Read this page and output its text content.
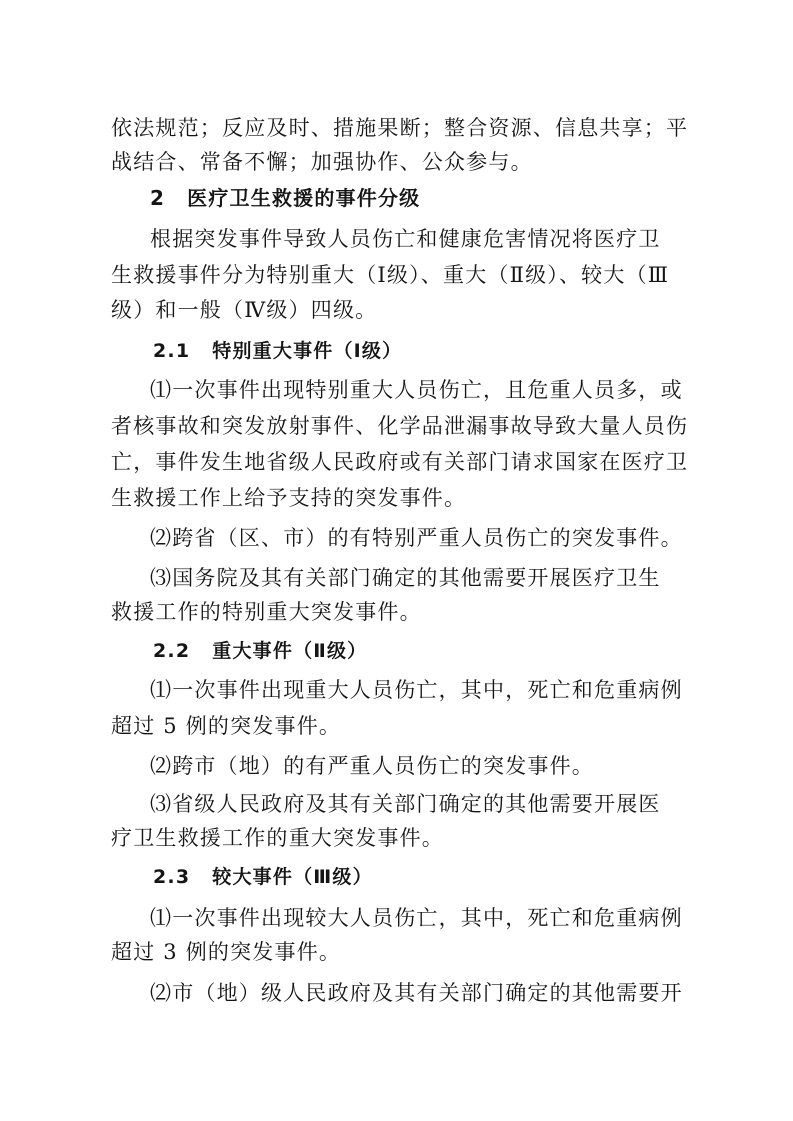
依法规范；反应及时、措施果断；整合资源、信息共享；平
战结合、常备不懈；加强协作、公众参与。
2 医疗卫生救援的事件分级
根据突发事件导致人员伤亡和健康危害情况将医疗卫
生救援事件分为特别重大（Ⅰ级）、重大（Ⅱ级）、较大（Ⅲ
级）和一般（Ⅳ级）四级。
2.1 特别重大事件（Ⅰ级）
⑴一次事件出现特别重大人员伤亡，且危重人员多，或
者核事故和突发放射事件、化学品泄漏事故导致大量人员伤
亡，事件发生地省级人民政府或有关部门请求国家在医疗卫
生救援工作上给予支持的突发事件。
⑵跨省（区、市）的有特别严重人员伤亡的突发事件。
⑶国务院及其有关部门确定的其他需要开展医疗卫生
救援工作的特别重大突发事件。
2.2 重大事件（Ⅱ级）
⑴一次事件出现重大人员伤亡，其中，死亡和危重病例
超过 5 例的突发事件。
⑵跨市（地）的有严重人员伤亡的突发事件。
⑶省级人民政府及其有关部门确定的其他需要开展医
疗卫生救援工作的重大突发事件。
2.3 较大事件（Ⅲ级）
⑴一次事件出现较大人员伤亡，其中，死亡和危重病例
超过 3 例的突发事件。
⑵市（地）级人民政府及其有关部门确定的其他需要开
